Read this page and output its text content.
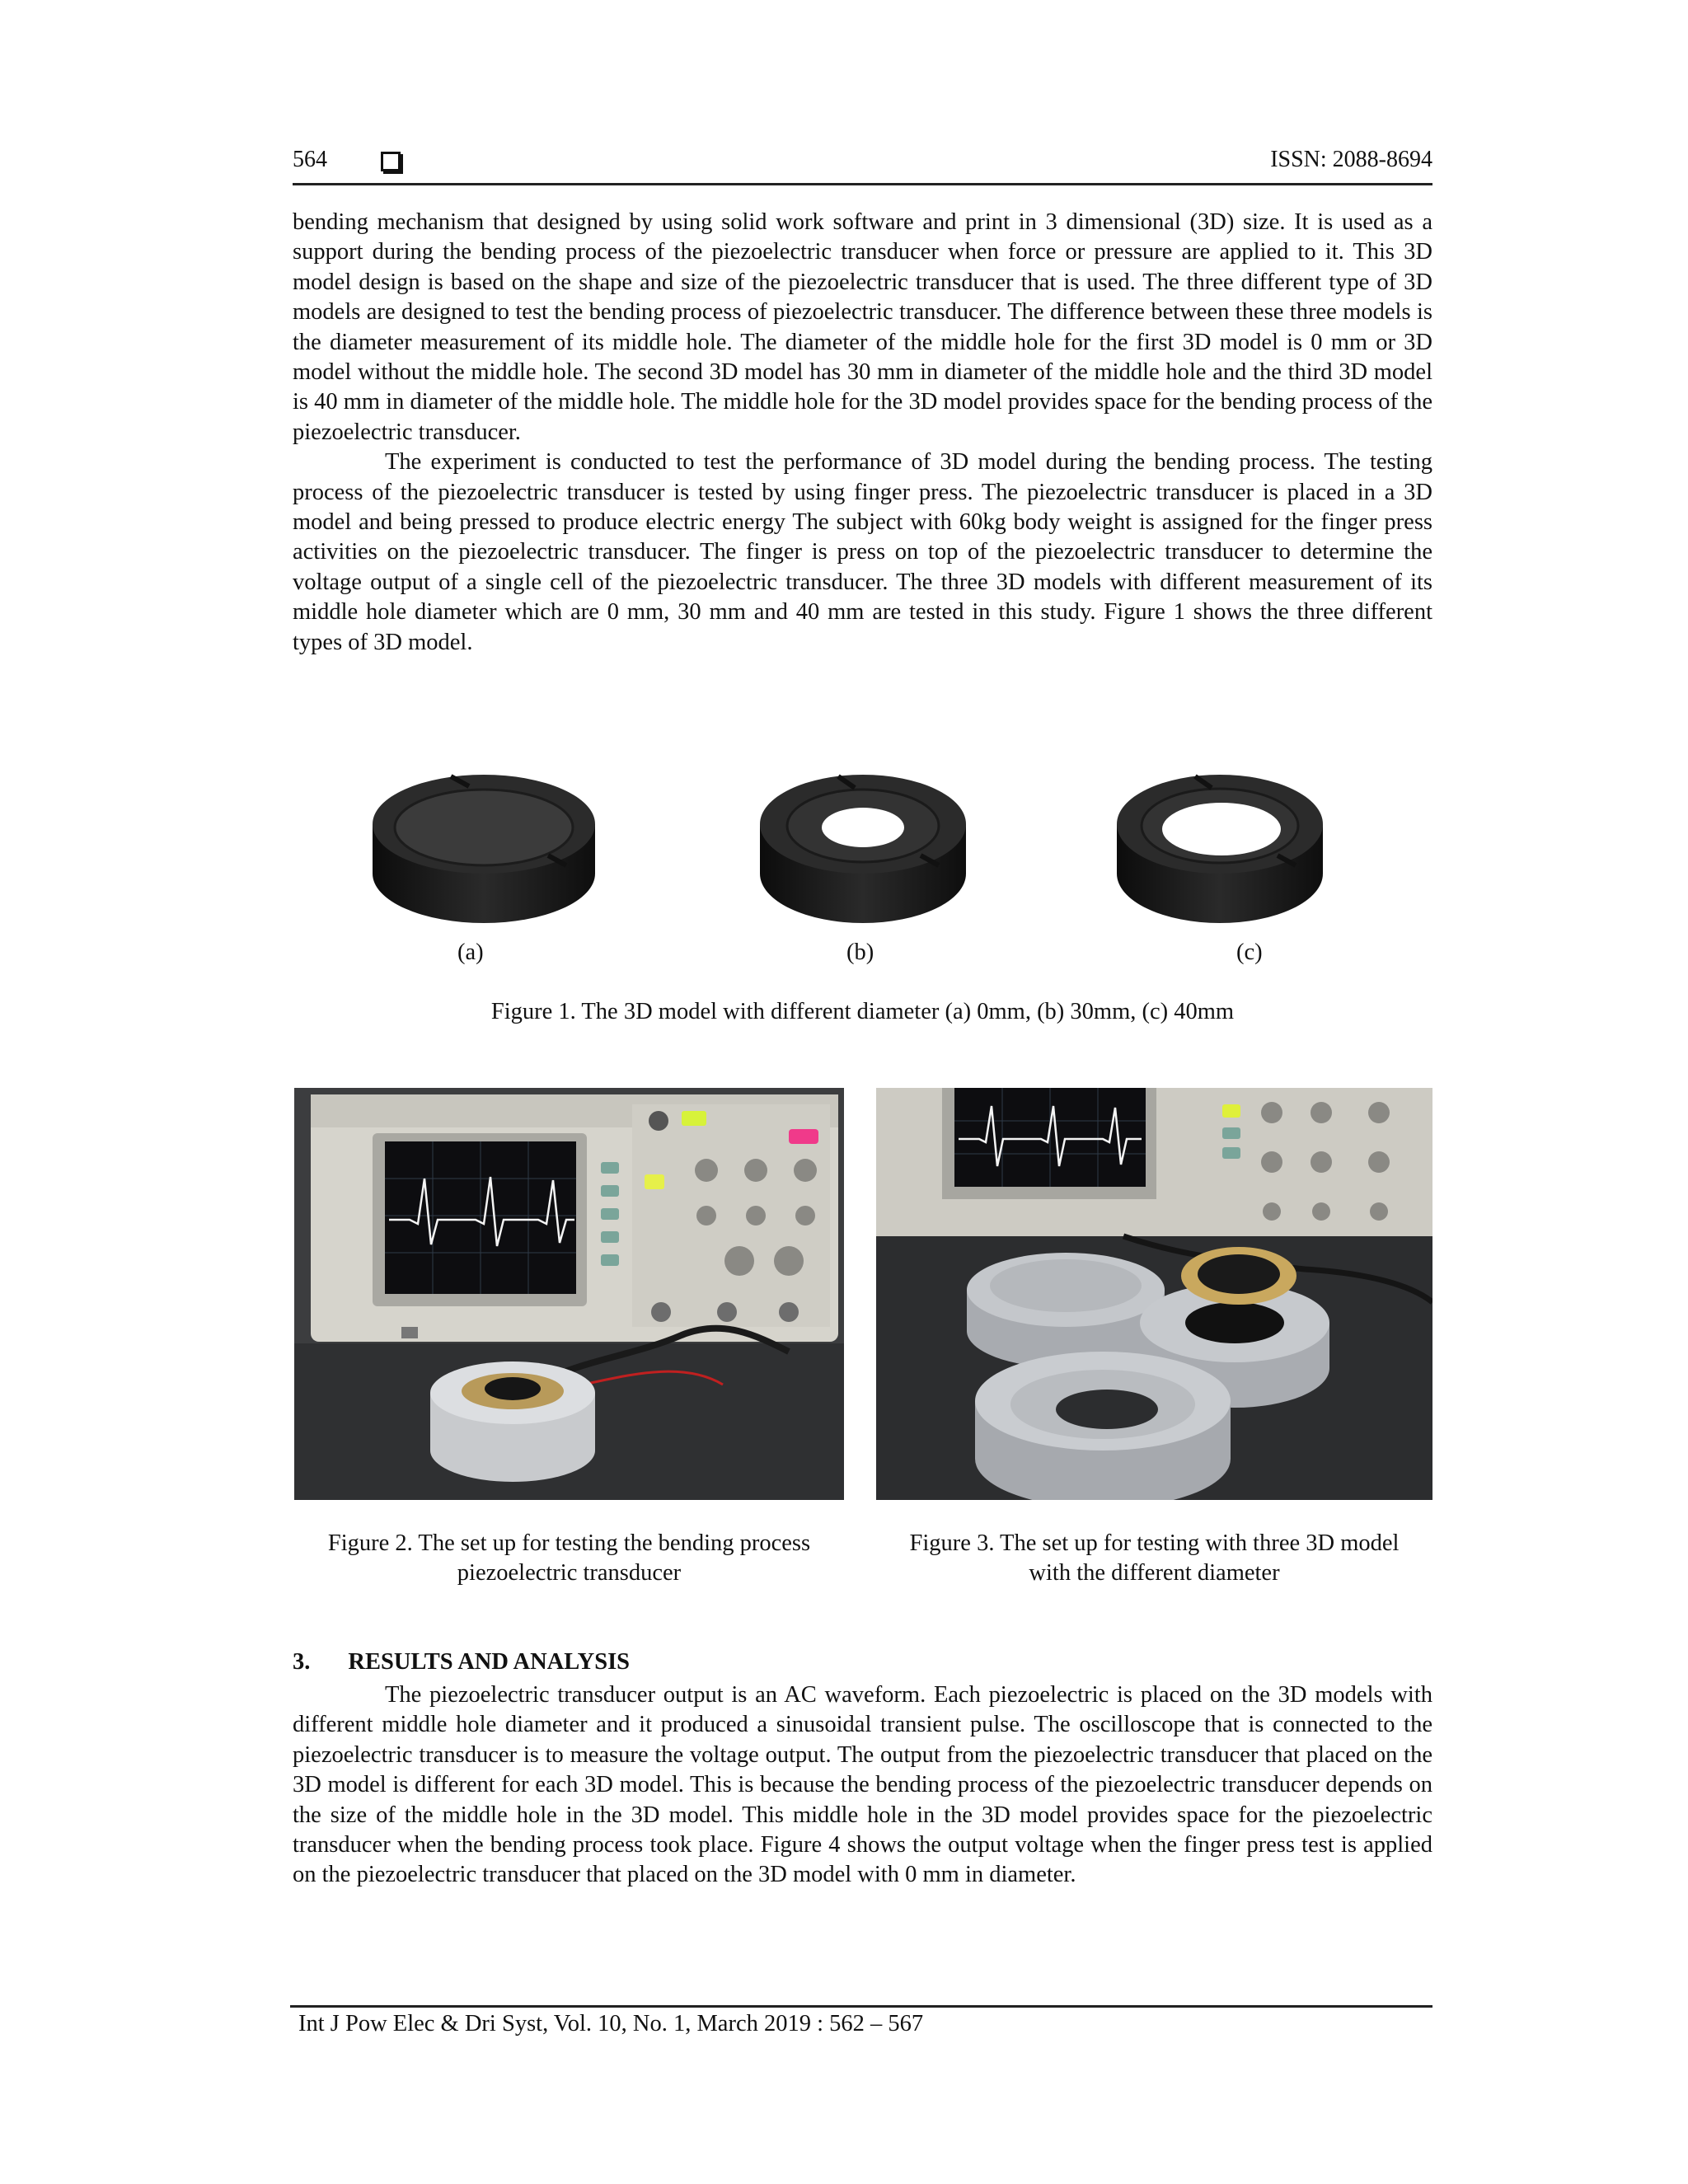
564	ISSN: 2088-8694

bending mechanism that designed by using solid work software and print in 3 dimensional (3D) size. It is used as a support during the bending process of the piezoelectric transducer when force or pressure are applied to it. This 3D model design is based on the shape and size of the piezoelectric transducer that is used. The three different type of 3D models are designed to test the bending process of piezoelectric transducer. The difference between these three models is the diameter measurement of its middle hole. The diameter of the middle hole for the first 3D model is 0 mm or 3D model without the middle hole. The second 3D model has 30 mm in diameter of the middle hole and the third 3D model is 40 mm in diameter of the middle hole. The middle hole for the 3D model provides space for the bending process of the piezoelectric transducer.

The experiment is conducted to test the performance of 3D model during the bending process. The testing process of the piezoelectric transducer is tested by using finger press. The piezoelectric transducer is placed in a 3D model and being pressed to produce electric energy The subject with 60kg body weight is assigned for the finger press activities on the piezoelectric transducer. The finger is press on top of the piezoelectric transducer to determine the voltage output of a single cell of the piezoelectric transducer. The three 3D models with different measurement of its middle hole diameter which are 0 mm, 30 mm and 40 mm are tested in this study. Figure 1 shows the three different types of 3D model.

(a)	(b)	(c)
Figure 1. The 3D model with different diameter (a) 0mm, (b) 30mm, (c) 40mm
Figure 2. The set up for testing the bending process
piezoelectric transducer
Figure 3. The set up for testing with three 3D model
with the different diameter
3. RESULTS AND ANALYSIS

The piezoelectric transducer output is an AC waveform. Each piezoelectric is placed on the 3D models with different middle hole diameter and it produced a sinusoidal transient pulse. The oscilloscope that is connected to the piezoelectric transducer is to measure the voltage output. The output from the piezoelectric transducer that placed on the 3D model is different for each 3D model. This is because the bending process of the piezoelectric transducer depends on the size of the middle hole in the 3D model. This middle hole in the 3D model provides space for the piezoelectric transducer when the bending process took place. Figure 4 shows the output voltage when the finger press test is applied on the piezoelectric transducer that placed on the 3D model with 0 mm in diameter.

Int J Pow Elec & Dri Syst, Vol. 10, No. 1, March 2019 : 562 – 567
